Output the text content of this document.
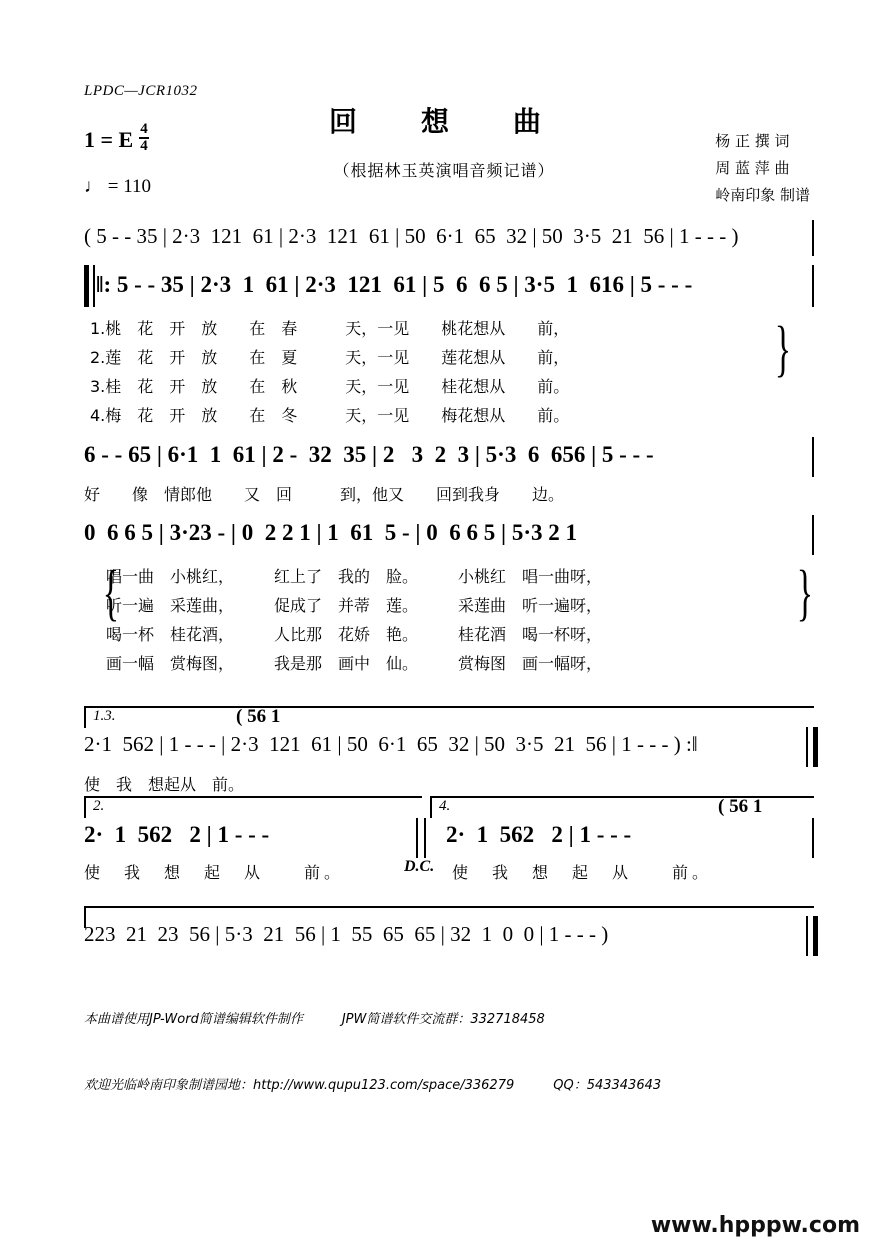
LPDC—JCR1032
回　想　曲
（根据林玉英演唱音频记谱）
1 = E $\frac{4}{4}$
♩ = 110
杨 正 撰 词
周 蓝 萍 曲
岭南印象 制谱
( 5 - - 35 | 2·3  121  61 | 2·3  121  61 | 50  6·1  65  32 | 50  3·5  21  56 | 1 - - - )
‖: 5 - - 35 | 2·3  1  61 | 2·3  121  61 | 5  6  6 5 | 3·5  1  616 | 5 - - -
1.桃　花　开　放　　在　春　　　天，一见　　桃花想从　　前，
2.莲　花　开　放　　在　夏　　　天，一见　　莲花想从　　前，
3.桂　花　开　放　　在　秋　　　天，一见　　桂花想从　　前。
4.梅　花　开　放　　在　冬　　　天，一见　　梅花想从　　前。
}
6 - - 65 | 6·1  1  61 | 2 -  32  35 | 2   3  2  3 | 5·3  6  656 | 5 - - -
好　　像　情郎他　　又　回　　　到，他又　　回到我身　　边。
0  6 6 5 | 3·23 - | 0  2 2 1 | 1  61  5 - | 0  6 6 5 | 5·3 2 1
{
唱一曲　小桃红，　　　红上了　我的　脸。　　　小桃红　唱一曲呀，
听一遍　采莲曲，　　　促成了　并蒂　莲。　　　采莲曲　听一遍呀，
喝一杯　桂花酒，　　　人比那　花娇　艳。　　　桂花酒　喝一杯呀，
画一幅　赏梅图，　　　我是那　画中　仙。　　　赏梅图　画一幅呀，
}
1.3.	( 56 1
2·1  562 | 1 - - - | 2·3  121  61 | 50  6·1  65  32 | 50  3·5  21  56 | 1 - - - ) :‖
使　我　想起从　前。
2.	4.	( 56 1
2·  1  562   2 | 1 - - -	2·  1  562   2 | 1 - - -
使　我　想　起　从　　前。	D.C. 使　我　想　起　从　　前。
223  21  23  56 | 5·3  21  56 | 1  55  65  65 | 32  1  0  0 | 1 - - - )

本曲谱使用JP-Word简谱编辑软件制作　　　JPW简谱软件交流群：332718458

欢迎光临岭南印象制谱园地：http://www.qupu123.com/space/336279　　　QQ：543343643

www.hpppw.com
